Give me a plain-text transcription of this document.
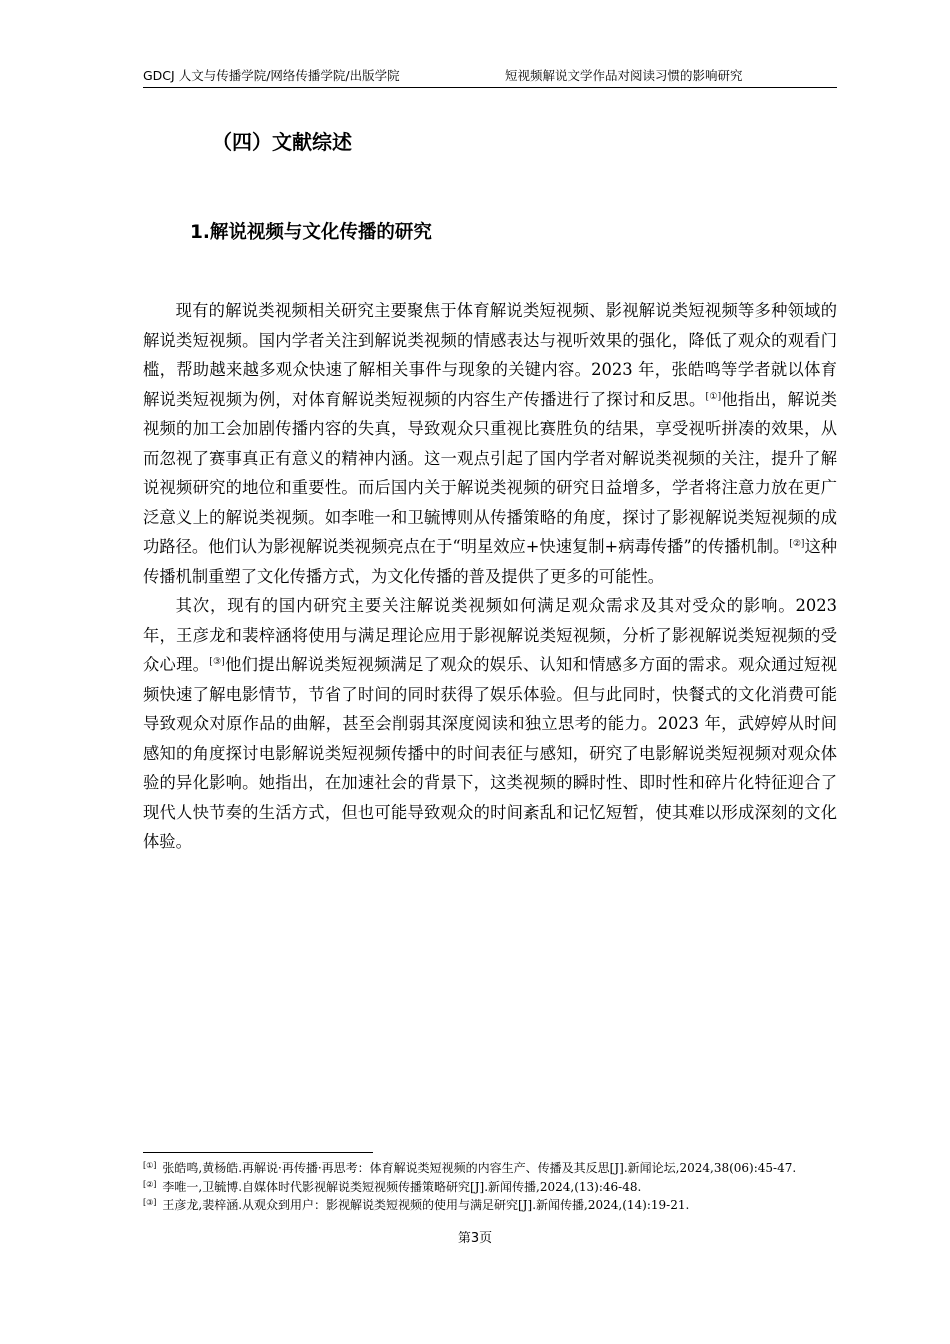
GDCJ 人文与传播学院/网络传播学院/出版学院	短视频解说文学作品对阅读习惯的影响研究
（四）文献综述
1.解说视频与文化传播的研究

现有的解说类视频相关研究主要聚焦于体育解说类短视频、影视解说类短视频等多种领域的解说类短视频。国内学者关注到解说类视频的情感表达与视听效果的强化，降低了观众的观看门槛，帮助越来越多观众快速了解相关事件与现象的关键内容。2023 年，张皓鸣等学者就以体育解说类短视频为例，对体育解说类短视频的内容生产传播进行了探讨和反思。[①]他指出，解说类视频的加工会加剧传播内容的失真，导致观众只重视比赛胜负的结果，享受视听拼凑的效果，从而忽视了赛事真正有意义的精神内涵。这一观点引起了国内学者对解说类视频的关注，提升了解说视频研究的地位和重要性。而后国内关于解说类视频的研究日益增多，学者将注意力放在更广泛意义上的解说类视频。如李唯一和卫毓博则从传播策略的角度，探讨了影视解说类短视频的成功路径。他们认为影视解说类视频亮点在于“明星效应+快速复制+病毒传播”的传播机制。[②]这种传播机制重塑了文化传播方式，为文化传播的普及提供了更多的可能性。

其次，现有的国内研究主要关注解说类视频如何满足观众需求及其对受众的影响。2023 年，王彦龙和裴梓涵将使用与满足理论应用于影视解说类短视频，分析了影视解说类短视频的受众心理。[③]他们提出解说类短视频满足了观众的娱乐、认知和情感多方面的需求。观众通过短视频快速了解电影情节，节省了时间的同时获得了娱乐体验。但与此同时，快餐式的文化消费可能导致观众对原作品的曲解，甚至会削弱其深度阅读和独立思考的能力。2023 年，武婷婷从时间感知的角度探讨电影解说类短视频传播中的时间表征与感知，研究了电影解说类短视频对观众体验的异化影响。她指出，在加速社会的背景下，这类视频的瞬时性、即时性和碎片化特征迎合了现代人快节奏的生活方式，但也可能导致观众的时间紊乱和记忆短暂，使其难以形成深刻的文化体验。

[①] 张皓鸣,黄杨皓.再解说·再传播·再思考：体育解说类短视频的内容生产、传播及其反思[J].新闻论坛,2024,38(06):45-47.

[②] 李唯一,卫毓博.自媒体时代影视解说类短视频传播策略研究[J].新闻传播,2024,(13):46-48.

[③] 王彦龙,裴梓涵.从观众到用户：影视解说类短视频的使用与满足研究[J].新闻传播,2024,(14):19-21.

第3页
